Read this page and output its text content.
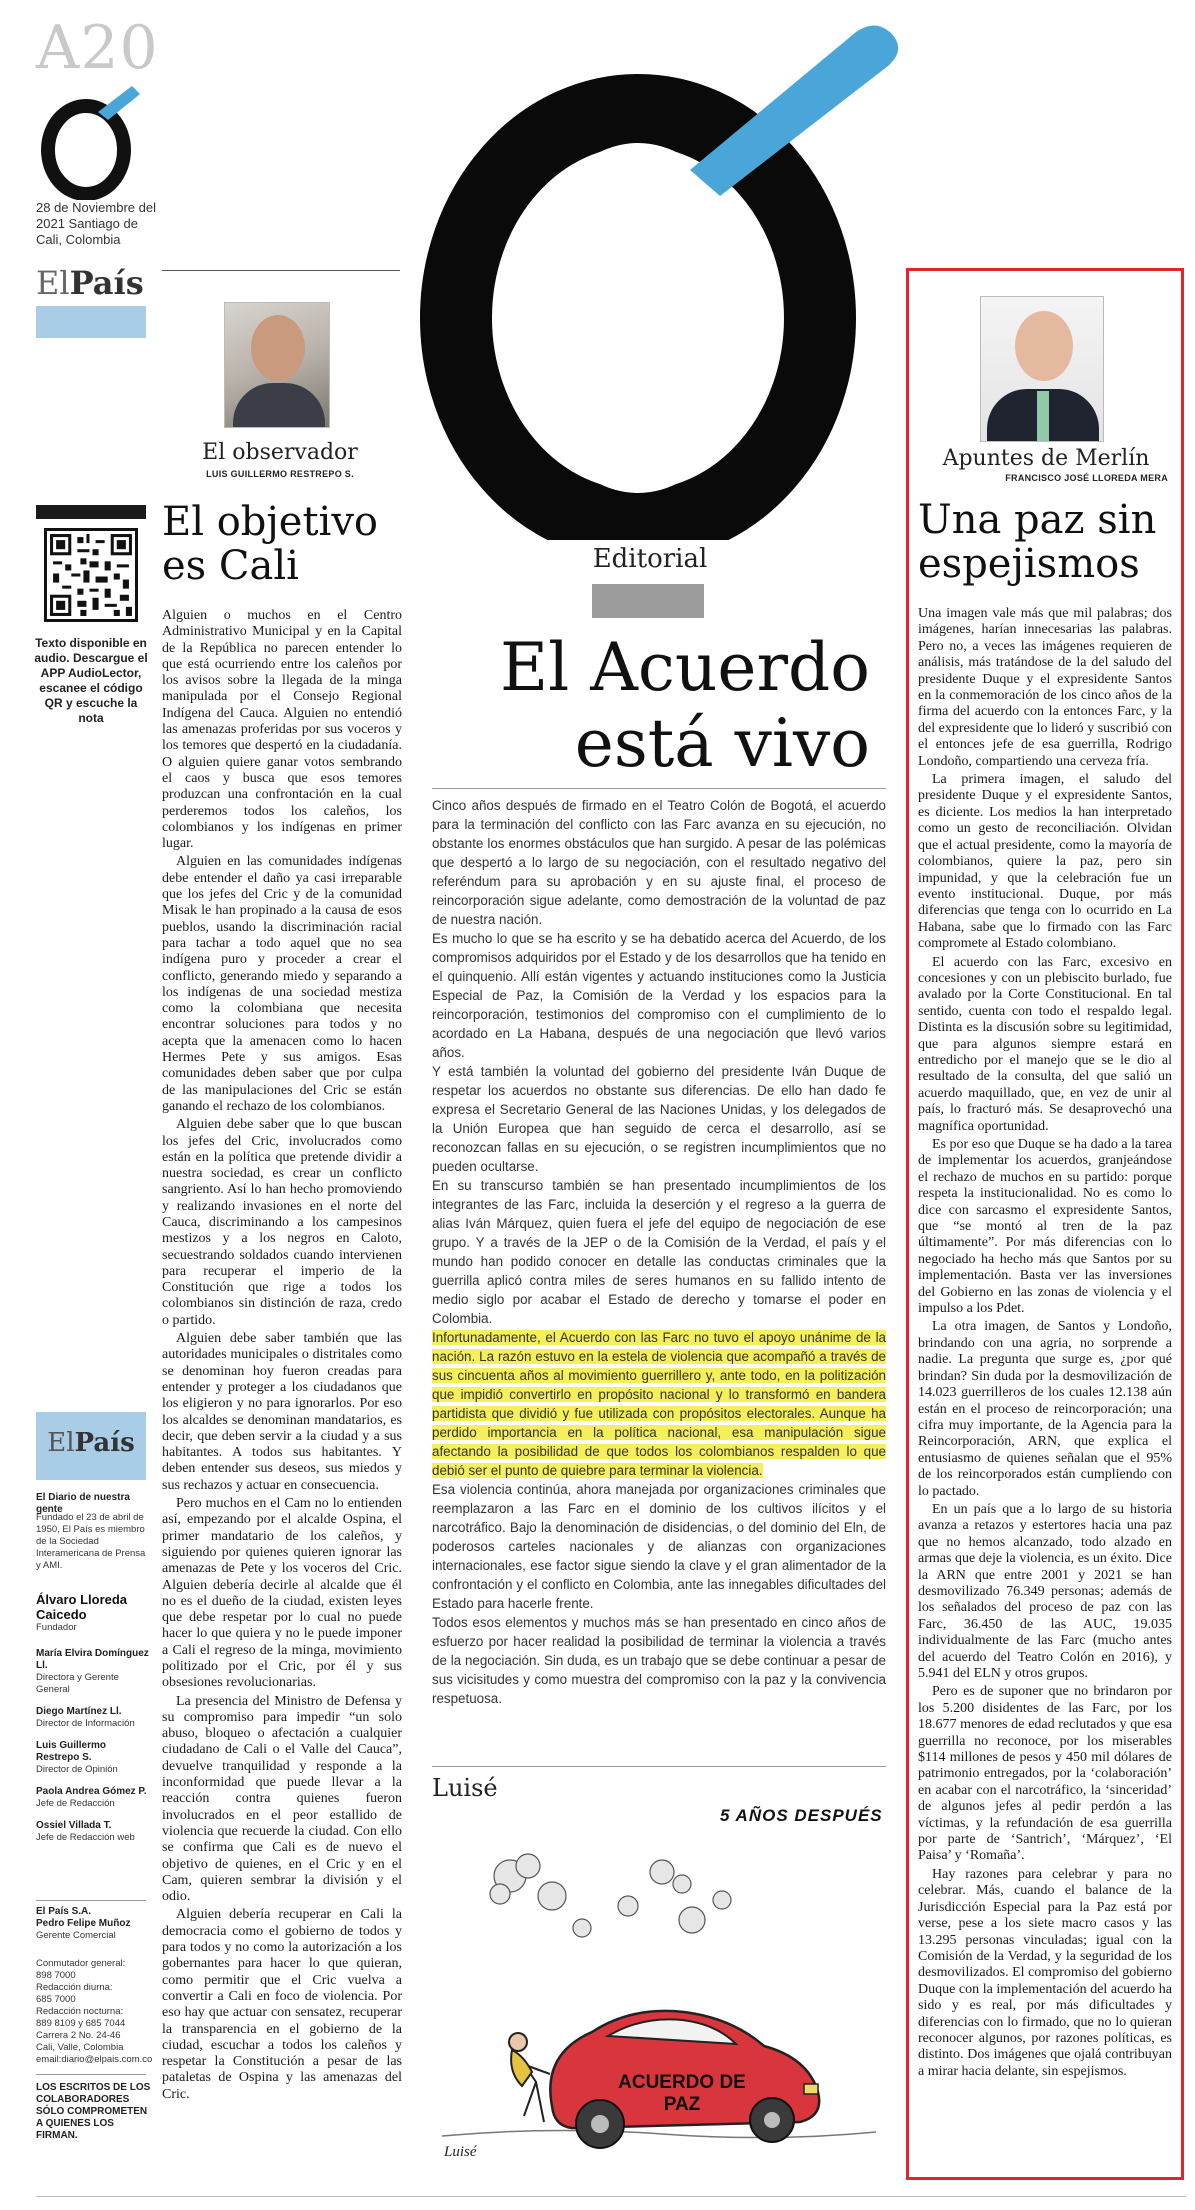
A20
28 de Noviembre del 2021 Santiago de Cali, Colombia
ElPaís
El observador
LUIS GUILLERMO RESTREPO S.
El objetivo es Cali

Alguien o muchos en el Centro Administrativo Municipal y en la Capital de la República no parecen entender lo que está ocurriendo entre los caleños por los avisos sobre la llegada de la minga manipulada por el Consejo Regional Indígena del Cauca. Alguien no entendió las amenazas proferidas por sus voceros y los temores que despertó en la ciudadanía. O alguien quiere ganar votos sembrando el caos y busca que esos temores produzcan una confrontación en la cual perderemos todos los caleños, los colombianos y los indígenas en primer lugar.

Alguien en las comunidades indígenas debe entender el daño ya casi irreparable que los jefes del Cric y de la comunidad Misak le han propinado a la causa de esos pueblos, usando la discriminación racial para tachar a todo aquel que no sea indígena puro y proceder a crear el conflicto, generando miedo y separando a los indígenas de una sociedad mestiza como la colombiana que necesita encontrar soluciones para todos y no acepta que la amenacen como lo hacen Hermes Pete y sus amigos. Esas comunidades deben saber que por culpa de las manipulaciones del Cric se están ganando el rechazo de los colombianos.

Alguien debe saber que lo que buscan los jefes del Cric, involucrados como están en la política que pretende dividir a nuestra sociedad, es crear un conflicto sangriento. Así lo han hecho promoviendo y realizando invasiones en el norte del Cauca, discriminando a los campesinos mestizos y a los negros en Caloto, secuestrando soldados cuando intervienen para recuperar el imperio de la Constitución que rige a todos los colombianos sin distinción de raza, credo o partido.

Alguien debe saber también que las autoridades municipales o distritales como se denominan hoy fueron creadas para entender y proteger a los ciudadanos que los eligieron y no para ignorarlos. Por eso los alcaldes se denominan mandatarios, es decir, que deben servir a la ciudad y a sus habitantes. A todos sus habitantes. Y deben entender sus deseos, sus miedos y sus rechazos y actuar en consecuencia.

Pero muchos en el Cam no lo entienden así, empezando por el alcalde Ospina, el primer mandatario de los caleños, y siguiendo por quienes quieren ignorar las amenazas de Pete y los voceros del Cric. Alguien debería decirle al alcalde que él no es el dueño de la ciudad, existen leyes que debe respetar por lo cual no puede hacer lo que quiera y no le puede imponer a Cali el regreso de la minga, movimiento politizado por el Cric, por él y sus obsesiones revolucionarias.

La presencia del Ministro de Defensa y su compromiso para impedir “un solo abuso, bloqueo o afectación a cualquier ciudadano de Cali o el Valle del Cauca”, devuelve tranquilidad y responde a la inconformidad que puede llevar a la reacción contra quienes fueron involucrados en el peor estallido de violencia que recuerde la ciudad. Con ello se confirma que Cali es de nuevo el objetivo de quienes, en el Cric y en el Cam, quieren sembrar la división y el odio.

Alguien debería recuperar en Cali la democracia como el gobierno de todos y para todos y no como la autorización a los gobernantes para hacer lo que quieran, como permitir que el Cric vuelva a convertir a Cali en foco de violencia. Por eso hay que actuar con sensatez, recuperar la transparencia en el gobierno de la ciudad, escuchar a todos los caleños y respetar la Constitución a pesar de las pataletas de Ospina y las amenazas del Cric.

Texto disponible en audio. Descargue el APP AudioLector, escanee el código QR y escuche la nota
ElPaís
El Diario de nuestra gente
Fundado el 23 de abril de 1950, El País es miembro de la Sociedad Interamericana de Prensa y AMI.
Álvaro Lloreda Caicedo
Fundador
María Elvira Domínguez Ll.
Directora y Gerente General
Diego Martínez Ll.
Director de Información
Luis Guillermo Restrepo S.
Director de Opinión
Paola Andrea Gómez P.
Jefe de Redacción
Ossiel Villada T.
Jefe de Redacción web
El País S.A.
Pedro Felipe Muñoz
Gerente Comercial
Conmutador general:
898 7000
Redacción diurna:
685 7000
Redacción nocturna:
889 8109 y 685 7044
Carrera 2 No. 24-46
Cali, Valle, Colombia
email:diario@elpais.com.co
LOS ESCRITOS DE LOS COLABORADORES SÓLO COMPROMETEN A QUIENES LOS FIRMAN.
Editorial
El Acuerdo
está vivo

Cinco años después de firmado en el Teatro Colón de Bogotá, el acuerdo para la terminación del conflicto con las Farc avanza en su ejecución, no obstante los enormes obstáculos que han surgido. A pesar de las polémicas que despertó a lo largo de su negociación, con el resultado negativo del referéndum para su aprobación y en su ajuste final, el proceso de reincorporación sigue adelante, como demostración de la voluntad de paz de nuestra nación.

Es mucho lo que se ha escrito y se ha debatido acerca del Acuerdo, de los compromisos adquiridos por el Estado y de los desarrollos que ha tenido en el quinquenio. Allí están vigentes y actuando instituciones como la Justicia Especial de Paz, la Comisión de la Verdad y los espacios para la reincorporación, testimonios del compromiso con el cumplimiento de lo acordado en La Habana, después de una negociación que llevó varios años.

Y está también la voluntad del gobierno del presidente Iván Duque de respetar los acuerdos no obstante sus diferencias. De ello han dado fe expresa el Secretario General de las Naciones Unidas, y los delegados de la Unión Europea que han seguido de cerca el desarrollo, así se reconozcan fallas en su ejecución, o se registren incumplimientos que no pueden ocultarse.

En su transcurso también se han presentado incumplimientos de los integrantes de las Farc, incluida la deserción y el regreso a la guerra de alias Iván Márquez, quien fuera el jefe del equipo de negociación de ese grupo. Y a través de la JEP o de la Comisión de la Verdad, el país y el mundo han podido conocer en detalle las conductas criminales que la guerrilla aplicó contra miles de seres humanos en su fallido intento de medio siglo por acabar el Estado de derecho y tomarse el poder en Colombia.

Infortunadamente, el Acuerdo con las Farc no tuvo el apoyo unánime de la nación. La razón estuvo en la estela de violencia que acompañó a través de sus cincuenta años al movimiento guerrillero y, ante todo, en la politización que impidió convertirlo en propósito nacional y lo transformó en bandera partidista que dividió y fue utilizada con propósitos electorales. Aunque ha perdido importancia en la política nacional, esa manipulación sigue afectando la posibilidad de que todos los colombianos respalden lo que debió ser el punto de quiebre para terminar la violencia.

Esa violencia continúa, ahora manejada por organizaciones criminales que reemplazaron a las Farc en el dominio de los cultivos ilícitos y el narcotráfico. Bajo la denominación de disidencias, o del dominio del Eln, de poderosos carteles nacionales y de alianzas con organizaciones internacionales, ese factor sigue siendo la clave y el gran alimentador de la confrontación y el conflicto en Colombia, ante las innegables dificultades del Estado para hacerle frente.

Todos esos elementos y muchos más se han presentado en cinco años de esfuerzo por hacer realidad la posibilidad de terminar la violencia a través de la negociación. Sin duda, es un trabajo que se debe continuar a pesar de sus vicisitudes y como muestra del compromiso con la paz y la convivencia respetuosa.

Luisé
5 AÑOS DESPUÉS
ACUERDO DE
PAZ
Luisé
Apuntes de Merlín
FRANCISCO JOSÉ LLOREDA MERA
Una paz sin espejismos

Una imagen vale más que mil palabras; dos imágenes, harían innecesarias las palabras. Pero no, a veces las imágenes requieren de análisis, más tratándose de la del saludo del presidente Duque y el expresidente Santos en la conmemoración de los cinco años de la firma del acuerdo con la entonces Farc, y la del expresidente que lo lideró y suscribió con el entonces jefe de esa guerrilla, Rodrigo Londoño, compartiendo una cerveza fría.

La primera imagen, el saludo del presidente Duque y el expresidente Santos, es diciente. Los medios la han interpretado como un gesto de reconciliación. Olvidan que el actual presidente, como la mayoría de colombianos, quiere la paz, pero sin impunidad, y que la celebración fue un evento institucional. Duque, por más diferencias que tenga con lo ocurrido en La Habana, sabe que lo firmado con las Farc compromete al Estado colombiano.

El acuerdo con las Farc, excesivo en concesiones y con un plebiscito burlado, fue avalado por la Corte Constitucional. En tal sentido, cuenta con todo el respaldo legal. Distinta es la discusión sobre su legitimidad, que para algunos siempre estará en entredicho por el manejo que se le dio al resultado de la consulta, del que salió un acuerdo maquillado, que, en vez de unir al país, lo fracturó más. Se desaprovechó una magnífica oportunidad.

Es por eso que Duque se ha dado a la tarea de implementar los acuerdos, granjeándose el rechazo de muchos en su partido: porque respeta la institucionalidad. No es como lo dice con sarcasmo el expresidente Santos, que “se montó al tren de la paz últimamente”. Por más diferencias con lo negociado ha hecho más que Santos por su implementación. Basta ver las inversiones del Gobierno en las zonas de violencia y el impulso a los Pdet.

La otra imagen, de Santos y Londoño, brindando con una agria, no sorprende a nadie. La pregunta que surge es, ¿por qué brindan? Sin duda por la desmovilización de 14.023 guerrilleros de los cuales 12.138 aún están en el proceso de reincorporación; una cifra muy importante, de la Agencia para la Reincorporación, ARN, que explica el entusiasmo de quienes señalan que el 95% de los reincorporados están cumpliendo con lo pactado.

En un país que a lo largo de su historia avanza a retazos y estertores hacia una paz que no hemos alcanzado, todo alzado en armas que deje la violencia, es un éxito. Dice la ARN que entre 2001 y 2021 se han desmovilizado 76.349 personas; además de los señalados del proceso de paz con las Farc, 36.450 de las AUC, 19.035 individualmente de las Farc (mucho antes del acuerdo del Teatro Colón en 2016), y 5.941 del ELN y otros grupos.

Pero es de suponer que no brindaron por los 5.200 disidentes de las Farc, por los 18.677 menores de edad reclutados y que esa guerrilla no reconoce, por los miserables $114 millones de pesos y 450 mil dólares de patrimonio entregados, por la ‘colaboración’ en acabar con el narcotráfico, la ‘sinceridad’ de algunos jefes al pedir perdón a las víctimas, y la refundación de esa guerrilla por parte de ‘Santrich’, ‘Márquez’, ‘El Paisa’ y ‘Romaña’.

Hay razones para celebrar y para no celebrar. Más, cuando el balance de la Jurisdicción Especial para la Paz está por verse, pese a los siete macro casos y las 13.295 personas vinculadas; igual con la Comisión de la Verdad, y la seguridad de los desmovilizados. El compromiso del gobierno Duque con la implementación del acuerdo ha sido y es real, por más dificultades y diferencias con lo firmado, que no lo quieran reconocer algunos, por razones políticas, es distinto. Dos imágenes que ojalá contribuyan a mirar hacia delante, sin espejismos.
